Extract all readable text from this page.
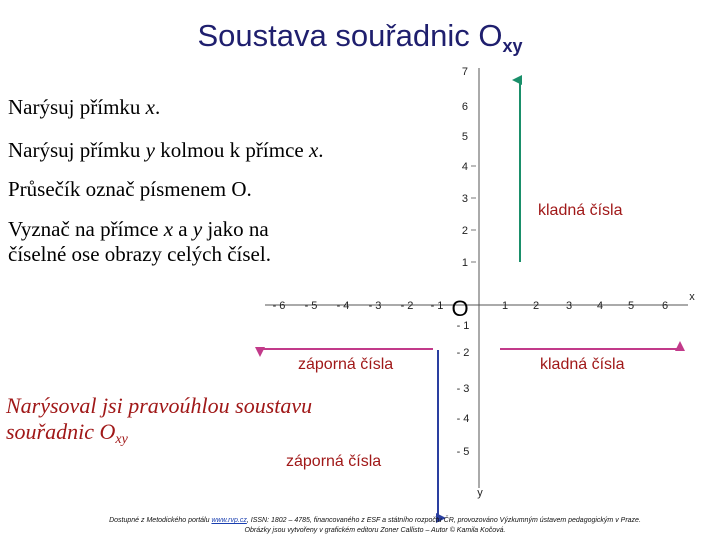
Soustava souřadnic $O_{xy}$
Narýsuj přímku x.
Narýsuj přímku y kolmou k přímce x.
Průsečík označ písmenem O.
Vyznač na přímce x a y jako na
číselné ose obrazy celých čísel.
Narýsoval jsi pravoúhlou soustavu
souřadnic $O_{xy}$
kladná čísla
kladná čísla
záporná čísla
záporná čísla
- 6 - 5 - 4 - 3 - 2 - 1	1 2 3 4 5	6
x
O
1
2
3
4
5
6
7
- 1
- 2
- 3
- 4
- 5
y
Dostupné z Metodického portálu www.rvp.cz, ISSN: 1802 – 4785, financovaného z ESF a státního rozpočtu ČR, provozováno Výzkumným ústavem pedagogickým v Praze.
Obrázky jsou vytvořeny v grafickém editoru Zoner Callisto – Autor © Kamila Kočová.
